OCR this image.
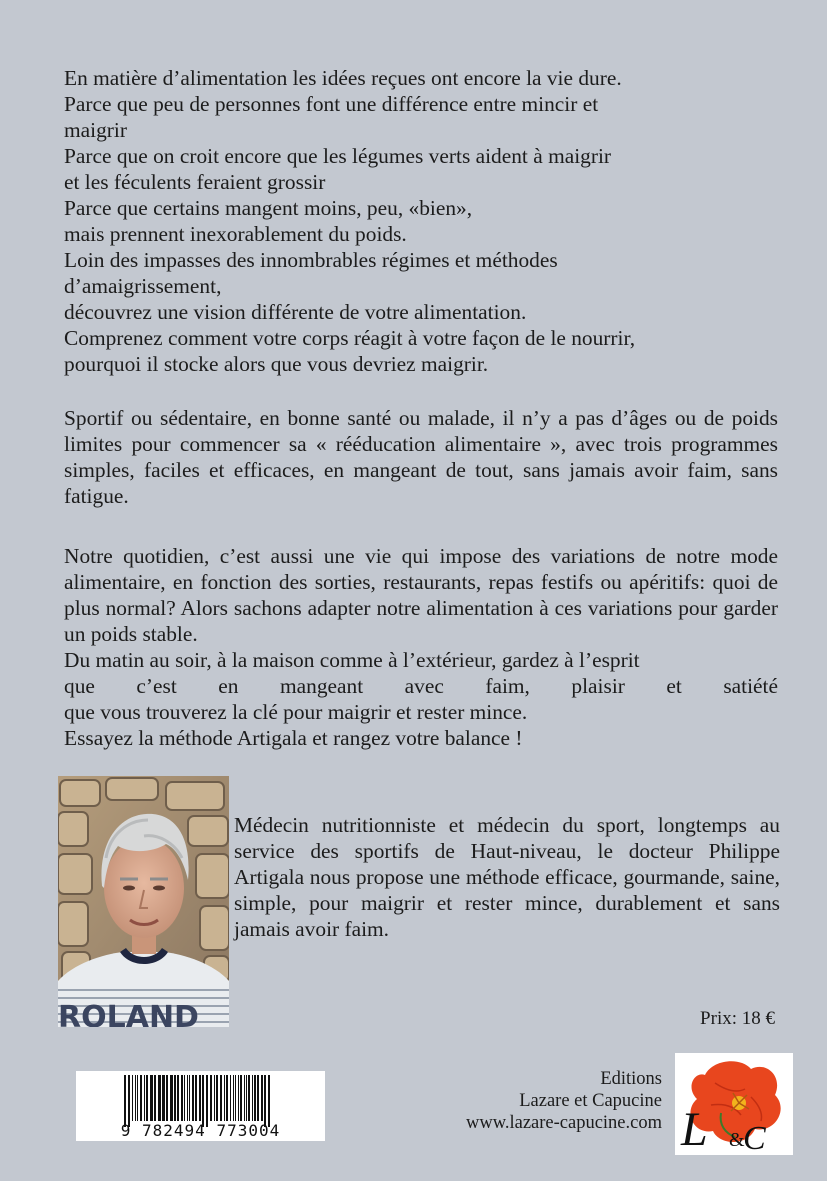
En matière d’alimentation les idées reçues ont encore la vie dure.

Parce que peu de personnes font une différence entre mincir et

maigrir

Parce que on croit encore que les légumes verts aident à maigrir

et les féculents feraient grossir

Parce que certains mangent moins, peu, «bien»,

mais prennent inexorablement du poids.

Loin des impasses des innombrables régimes et méthodes

d’amaigrissement,

découvrez une vision différente de votre alimentation.

Comprenez comment votre corps réagit à votre façon de le nourrir,

pourquoi il stocke alors que vous devriez maigrir.

Sportif ou sédentaire, en bonne santé ou malade, il n’y a pas d’âges ou de poids limites pour commencer sa « rééducation alimentaire », avec trois programmes simples, faciles et efficaces, en mangeant de tout, sans jamais avoir faim, sans fatigue.

Notre quotidien, c’est aussi une vie qui impose des variations de notre mode alimentaire, en fonction des sorties, restaurants, repas festifs ou apéritifs: quoi de plus normal? Alors sachons adapter notre alimentation à ces variations pour garder un poids stable.

Du matin au soir, à la maison comme à l’extérieur, gardez à l’esprit

que c’est en mangeant avec faim, plaisir et satiété

que vous trouverez la clé pour maigrir et rester mince.

Essayez la méthode Artigala et rangez votre balance !

ROLAND

Médecin nutritionniste et médecin du sport, longtemps au service des sportifs de Haut-niveau, le docteur Philippe Artigala nous propose une méthode efficace, gourmande, saine, simple, pour maigrir et rester mince, durablement et sans jamais avoir faim.

Prix: 18 €
9 782494 773004
Editions
Lazare et Capucine
www.lazare-capucine.com L &
C
